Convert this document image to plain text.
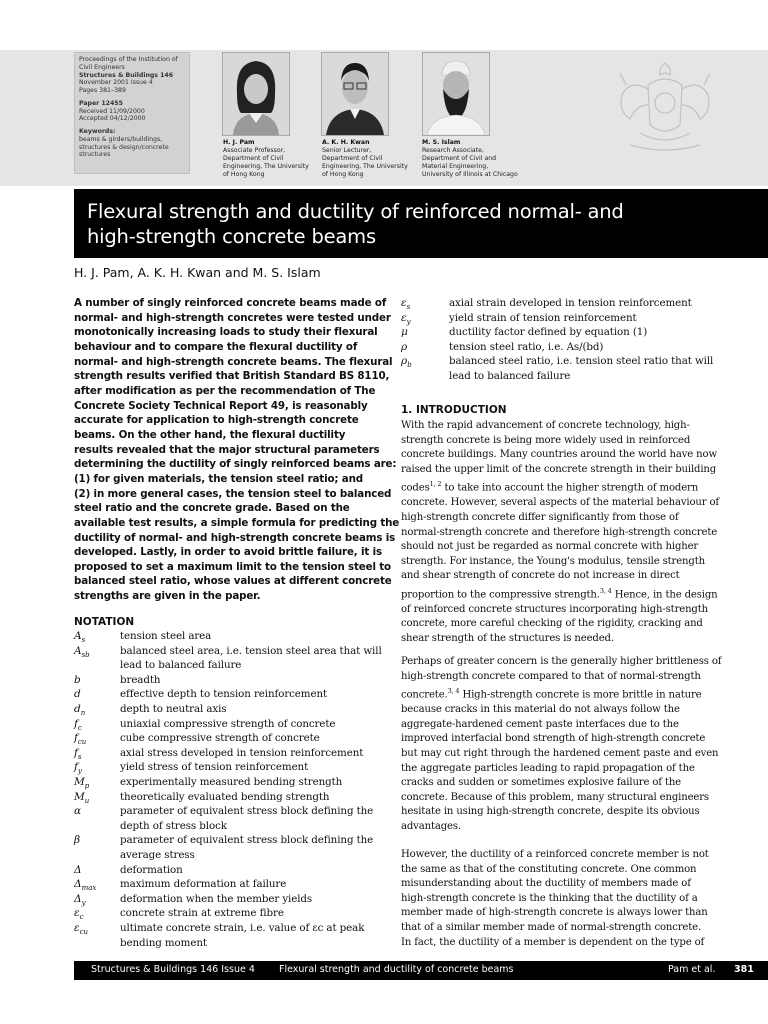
Proceedings of the Institution of
Civil Engineers
Structures & Buildings 146
November 2001 Issue 4
Pages 381–389
Paper 12455
Received 11/09/2000
Accepted 04/12/2000
Keywords:
beams & girders/buildings,
structures & design/concrete
structures
H. J. Pam
Associate Professor,
Department of Civil
Engineering, The University
of Hong Kong
A. K. H. Kwan
Senior Lecturer,
Department of Civil
Engineering, The University
of Hong Kong
M. S. Islam
Research Associate,
Department of Civil and
Material Engineering,
University of Illinois at Chicago
Flexural strength and ductility of reinforced normal- and
high-strength concrete beams
H. J. Pam, A. K. H. Kwan and M. S. Islam
A number of singly reinforced concrete beams made of
normal- and high-strength concretes were tested under
monotonically increasing loads to study their flexural
behaviour and to compare the flexural ductility of
normal- and high-strength concrete beams. The flexural
strength results verified that British Standard BS 8110,
after modification as per the recommendation of The
Concrete Society Technical Report 49, is reasonably
accurate for application to high-strength concrete
beams. On the other hand, the flexural ductility
results revealed that the major structural parameters
determining the ductility of singly reinforced beams are:
(1) for given materials, the tension steel ratio; and
(2) in more general cases, the tension steel to balanced
steel ratio and the concrete grade. Based on the
available test results, a simple formula for predicting the
ductility of normal- and high-strength concrete beams is
developed. Lastly, in order to avoid brittle failure, it is
proposed to set a maximum limit to the tension steel to
balanced steel ratio, whose values at different concrete
strengths are given in the paper.
NOTATION
$A_s$	tension steel area
$A_{sb}$	balanced steel area, i.e. tension steel area that will
lead to balanced failure
b	breadth
d	effective depth to tension reinforcement
$d_n$	depth to neutral axis
$f_c$	uniaxial compressive strength of concrete
$f_{cu}$	cube compressive strength of concrete
$f_s$	axial stress developed in tension reinforcement
$f_y$	yield stress of tension reinforcement
$M_p$	experimentally measured bending strength
$M_u$	theoretically evaluated bending strength
α	parameter of equivalent stress block defining the
depth of stress block
β	parameter of equivalent stress block defining the
average stress
Δ	deformation
$\Delta_{max}$ maximum deformation at failure
$\Delta_y$	deformation when the member yields
$\varepsilon_c$	concrete strain at extreme fibre
$\varepsilon_{cu}$	ultimate concrete strain, i.e. value of εc at peak
bending moment
$\varepsilon_s$	axial strain developed in tension reinforcement
$\varepsilon_y$	yield strain of tension reinforcement
μ	ductility factor defined by equation (1)
ρ	tension steel ratio, i.e. As/(bd)
$\rho_b$	balanced steel ratio, i.e. tension steel ratio that will
lead to balanced failure
1. INTRODUCTION
With the rapid advancement of concrete technology, high-
strength concrete is being more widely used in reinforced
concrete buildings. Many countries around the world have now
raised the upper limit of the concrete strength in their building
codes$^{1, 2}$ to take into account the higher strength of modern
concrete. However, several aspects of the material behaviour of
high-strength concrete differ significantly from those of
normal-strength concrete and therefore high-strength concrete
should not just be regarded as normal concrete with higher
strength. For instance, the Young's modulus, tensile strength
and shear strength of concrete do not increase in direct
proportion to the compressive strength.$^{3, 4}$ Hence, in the design
of reinforced concrete structures incorporating high-strength
concrete, more careful checking of the rigidity, cracking and
shear strength of the structures is needed.
Perhaps of greater concern is the generally higher brittleness of
high-strength concrete compared to that of normal-strength
concrete.$^{3, 4}$ High-strength concrete is more brittle in nature
because cracks in this material do not always follow the
aggregate-hardened cement paste interfaces due to the
improved interfacial bond strength of high-strength concrete
but may cut right through the hardened cement paste and even
the aggregate particles leading to rapid propagation of the
cracks and sudden or sometimes explosive failure of the
concrete. Because of this problem, many structural engineers
hesitate in using high-strength concrete, despite its obvious
advantages.
However, the ductility of a reinforced concrete member is not
the same as that of the constituting concrete. One common
misunderstanding about the ductility of members made of
high-strength concrete is the thinking that the ductility of a
member made of high-strength concrete is always lower than
that of a similar member made of normal-strength concrete.
In fact, the ductility of a member is dependent on the type of
Structures & Buildings 146 Issue 4	Flexural strength and ductility of concrete beams	Pam et al. 381
